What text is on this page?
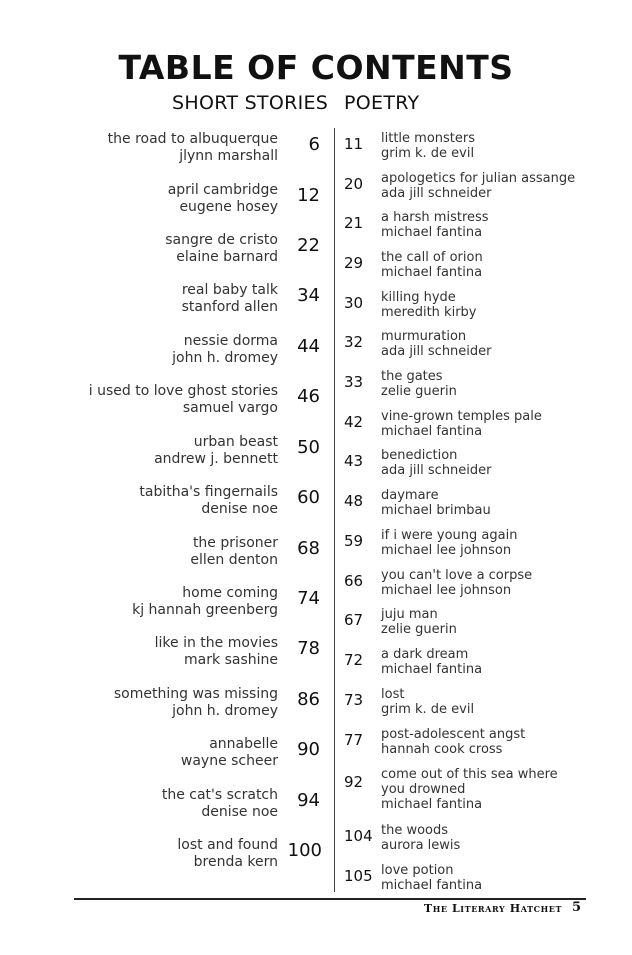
TABLE OF CONTENTS
SHORT STORIES POETRY
the road to albuquerque
jlynn marshall
6
april cambridge
eugene hosey
12
sangre de cristo
elaine barnard
22
real baby talk
stanford allen
34
nessie dorma
john h. dromey
44
i used to love ghost stories
samuel vargo
46
urban beast
andrew j. bennett
50
tabitha's fingernails
denise noe
60
the prisoner
ellen denton
68
home coming
kj hannah greenberg
74
like in the movies
mark sashine
78
something was missing
john h. dromey
86
annabelle
wayne scheer
90
the cat's scratch
denise noe
94
lost and found
brenda kern
100
11	little monsters
grim k. de evil
20	apologetics for julian assange
ada jill schneider
21	a harsh mistress
michael fantina
29	the call of orion
michael fantina
30	killing hyde
meredith kirby
32	murmuration
ada jill schneider
33	the gates
zelie guerin
42	vine-grown temples pale
michael fantina
43	benediction
ada jill schneider
48	daymare
michael brimbau
59	if i were young again
michael lee johnson
66	you can't love a corpse
michael lee johnson
67	juju man
zelie guerin
72	a dark dream
michael fantina
73	lost
grim k. de evil
77	post-adolescent angst
hannah cook cross
92	come out of this sea where
you drowned
michael fantina
104 the woods
aurora lewis
105 love potion
michael fantina
The Literary Hatchet 5
